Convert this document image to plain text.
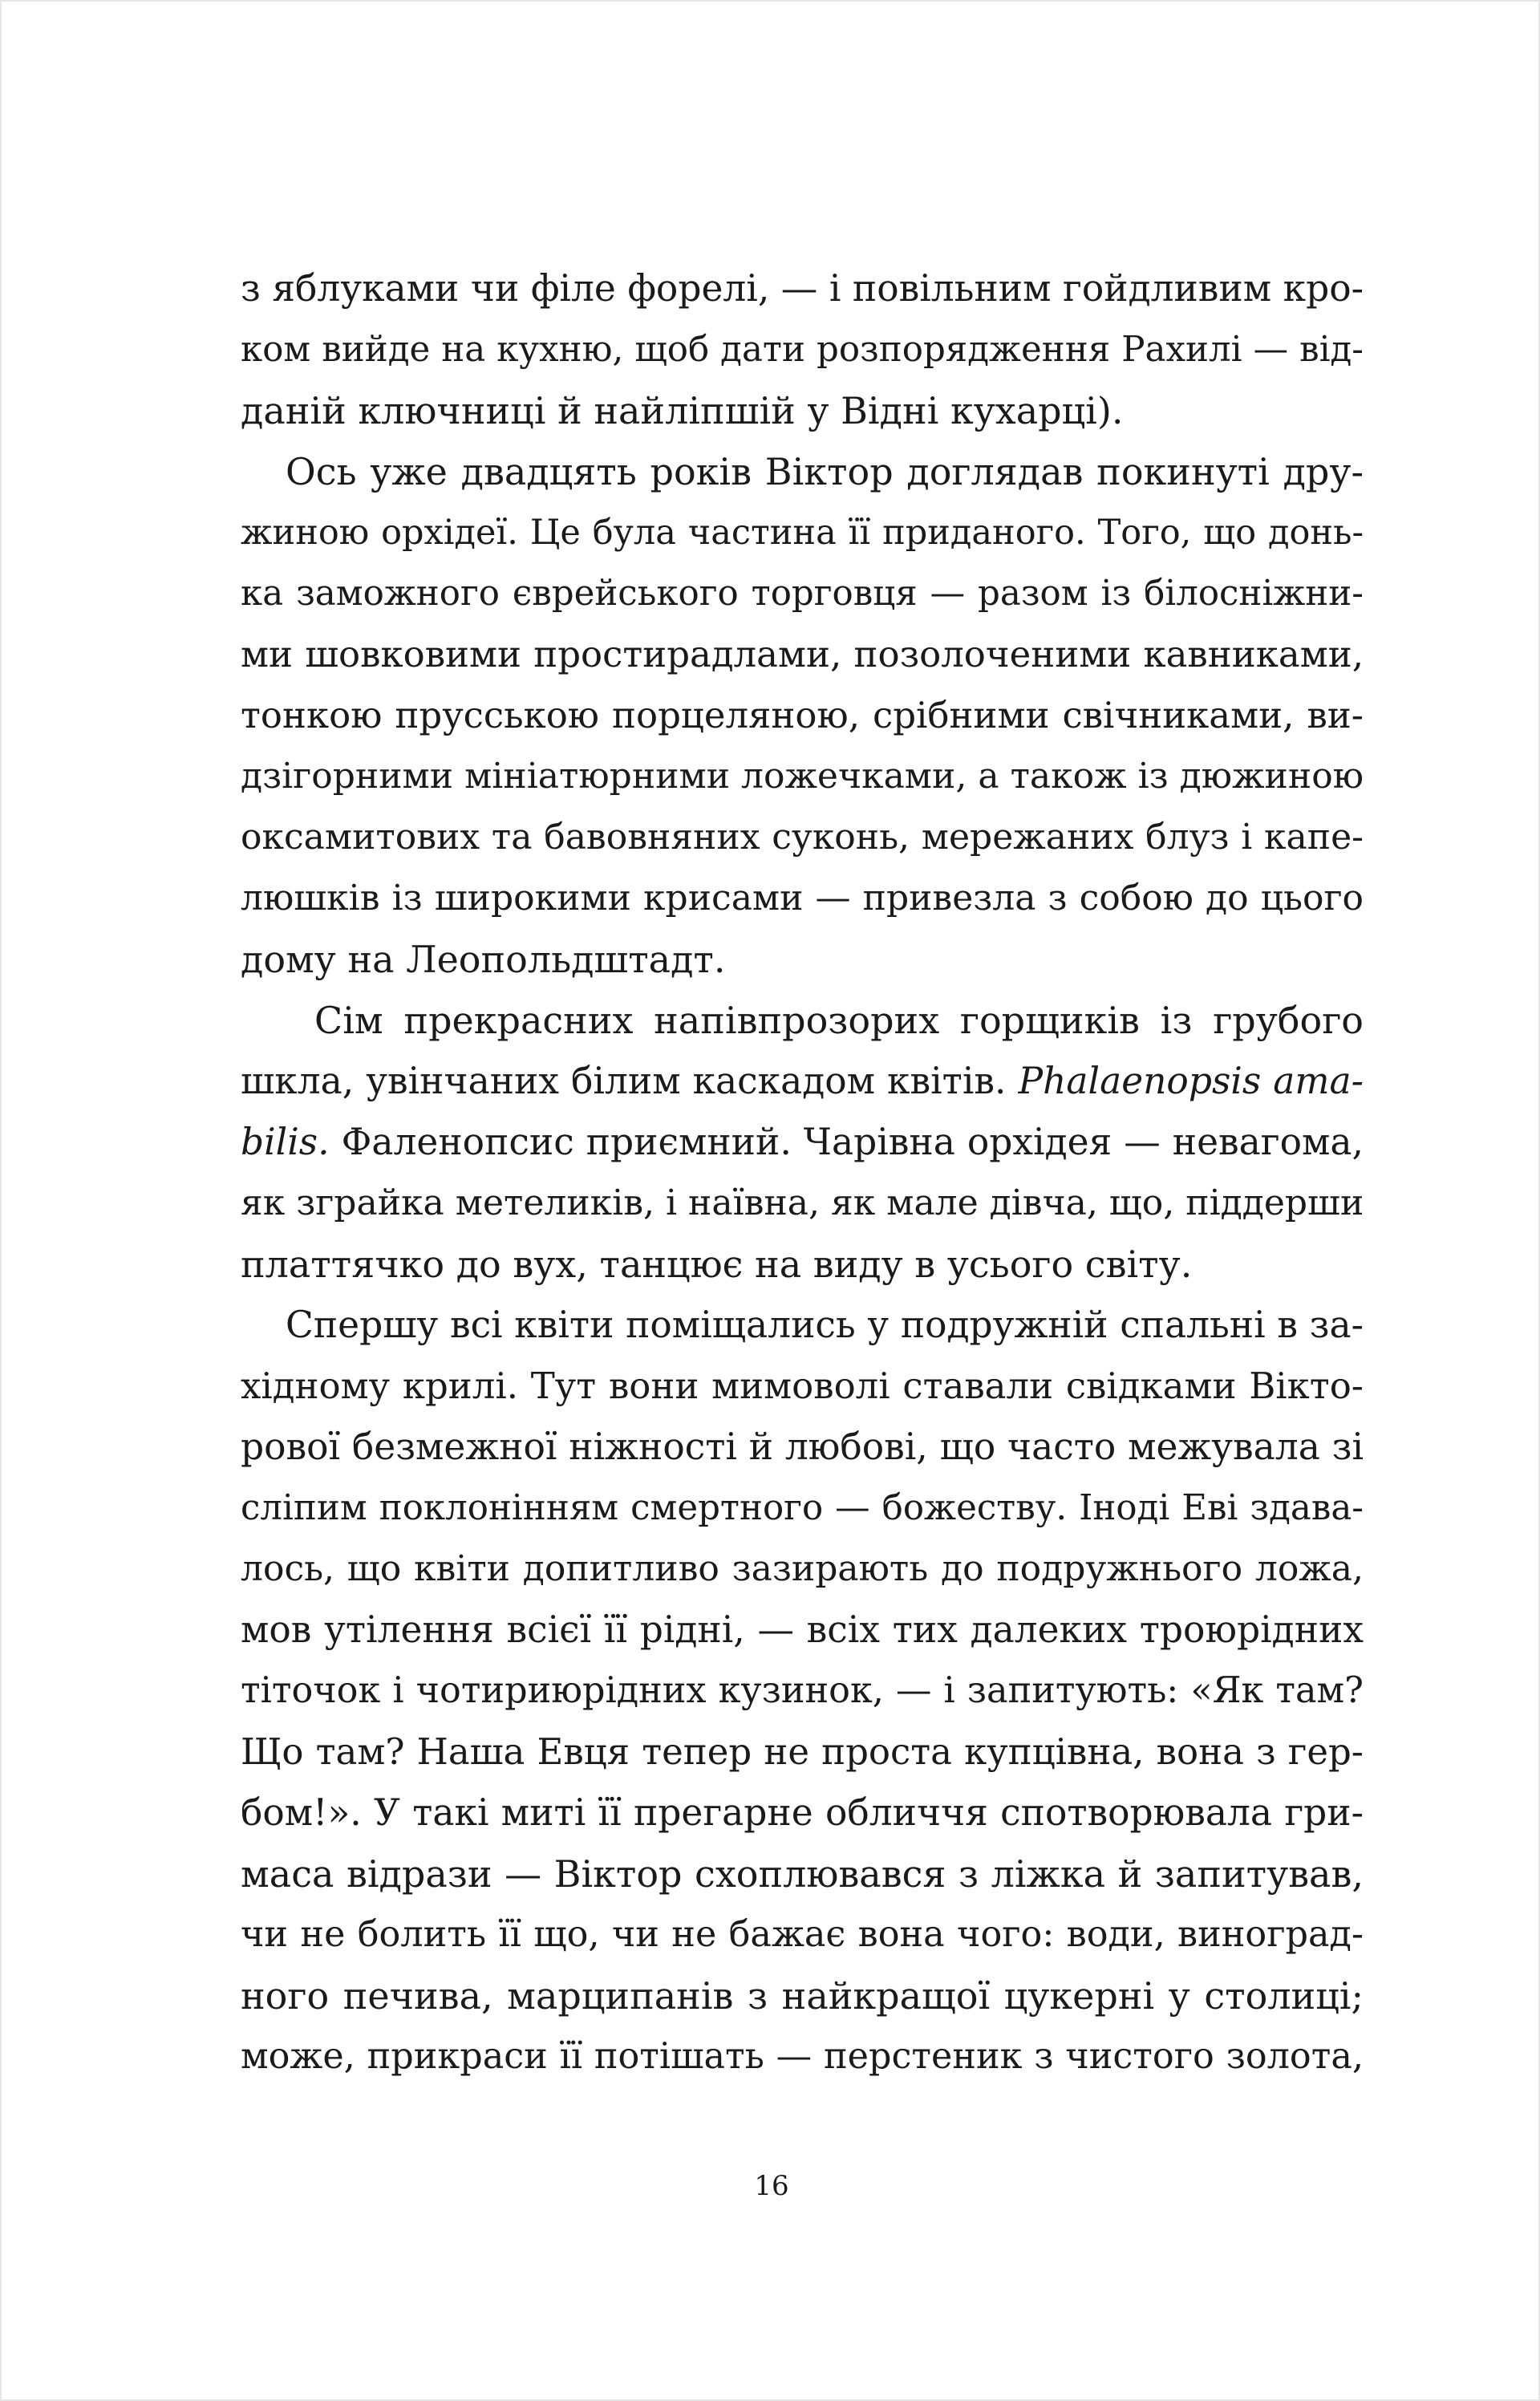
з яблуками чи філе форелі, — і повільним гойдливим кро-
ком вийде на кухню, щоб дати розпорядження Рахилі — від-
даній ключниці й найліпшій у Відні кухарці).
Ось уже двадцять років Віктор доглядав покинуті дру-
жиною орхідеї. Це була частина її приданого. Того, що донь-
ка заможного єврейського торговця — разом із білосніжни-
ми шовковими простирадлами, позолоченими кавниками,
тонкою прусською порцеляною, срібними свічниками, ви-
дзігорними мініатюрними ложечками, а також із дюжиною
оксамитових та бавовняних суконь, мережаних блуз і капе-
люшків із широкими крисами — привезла з собою до цього
дому на Леопольдштадт.
Сім прекрасних напівпрозорих горщиків із грубого
шкла, увінчаних білим каскадом квітів. Phalaenopsis ama-
bilis. Фаленопсис приємний. Чарівна орхідея — невагома,
як зграйка метеликів, і наївна, як мале дівча, що, піддерши
платтячко до вух, танцює на виду в усього світу.
Спершу всі квіти поміщались у подружній спальні в за-
хідному крилі. Тут вони мимоволі ставали свідками Вікто-
рової безмежної ніжності й любові, що часто межувала зі
сліпим поклонінням смертного — божеству. Іноді Еві здава-
лось, що квіти допитливо зазирають до подружнього ложа,
мов утілення всієї її рідні, — всіх тих далеких троюрідних
тіточок і чотириюрідних кузинок, — і запитують: «Як там?
Що там? Наша Евця тепер не проста купцівна, вона з гер-
бом!». У такі миті її прегарне обличчя спотворювала гри-
маса відрази — Віктор схоплювався з ліжка й запитував,
чи не болить її що, чи не бажає вона чого: води, виноград-
ного печива, марципанів з найкращої цукерні у столиці;
може, прикраси її потішать — перстеник з чистого золота,
16
